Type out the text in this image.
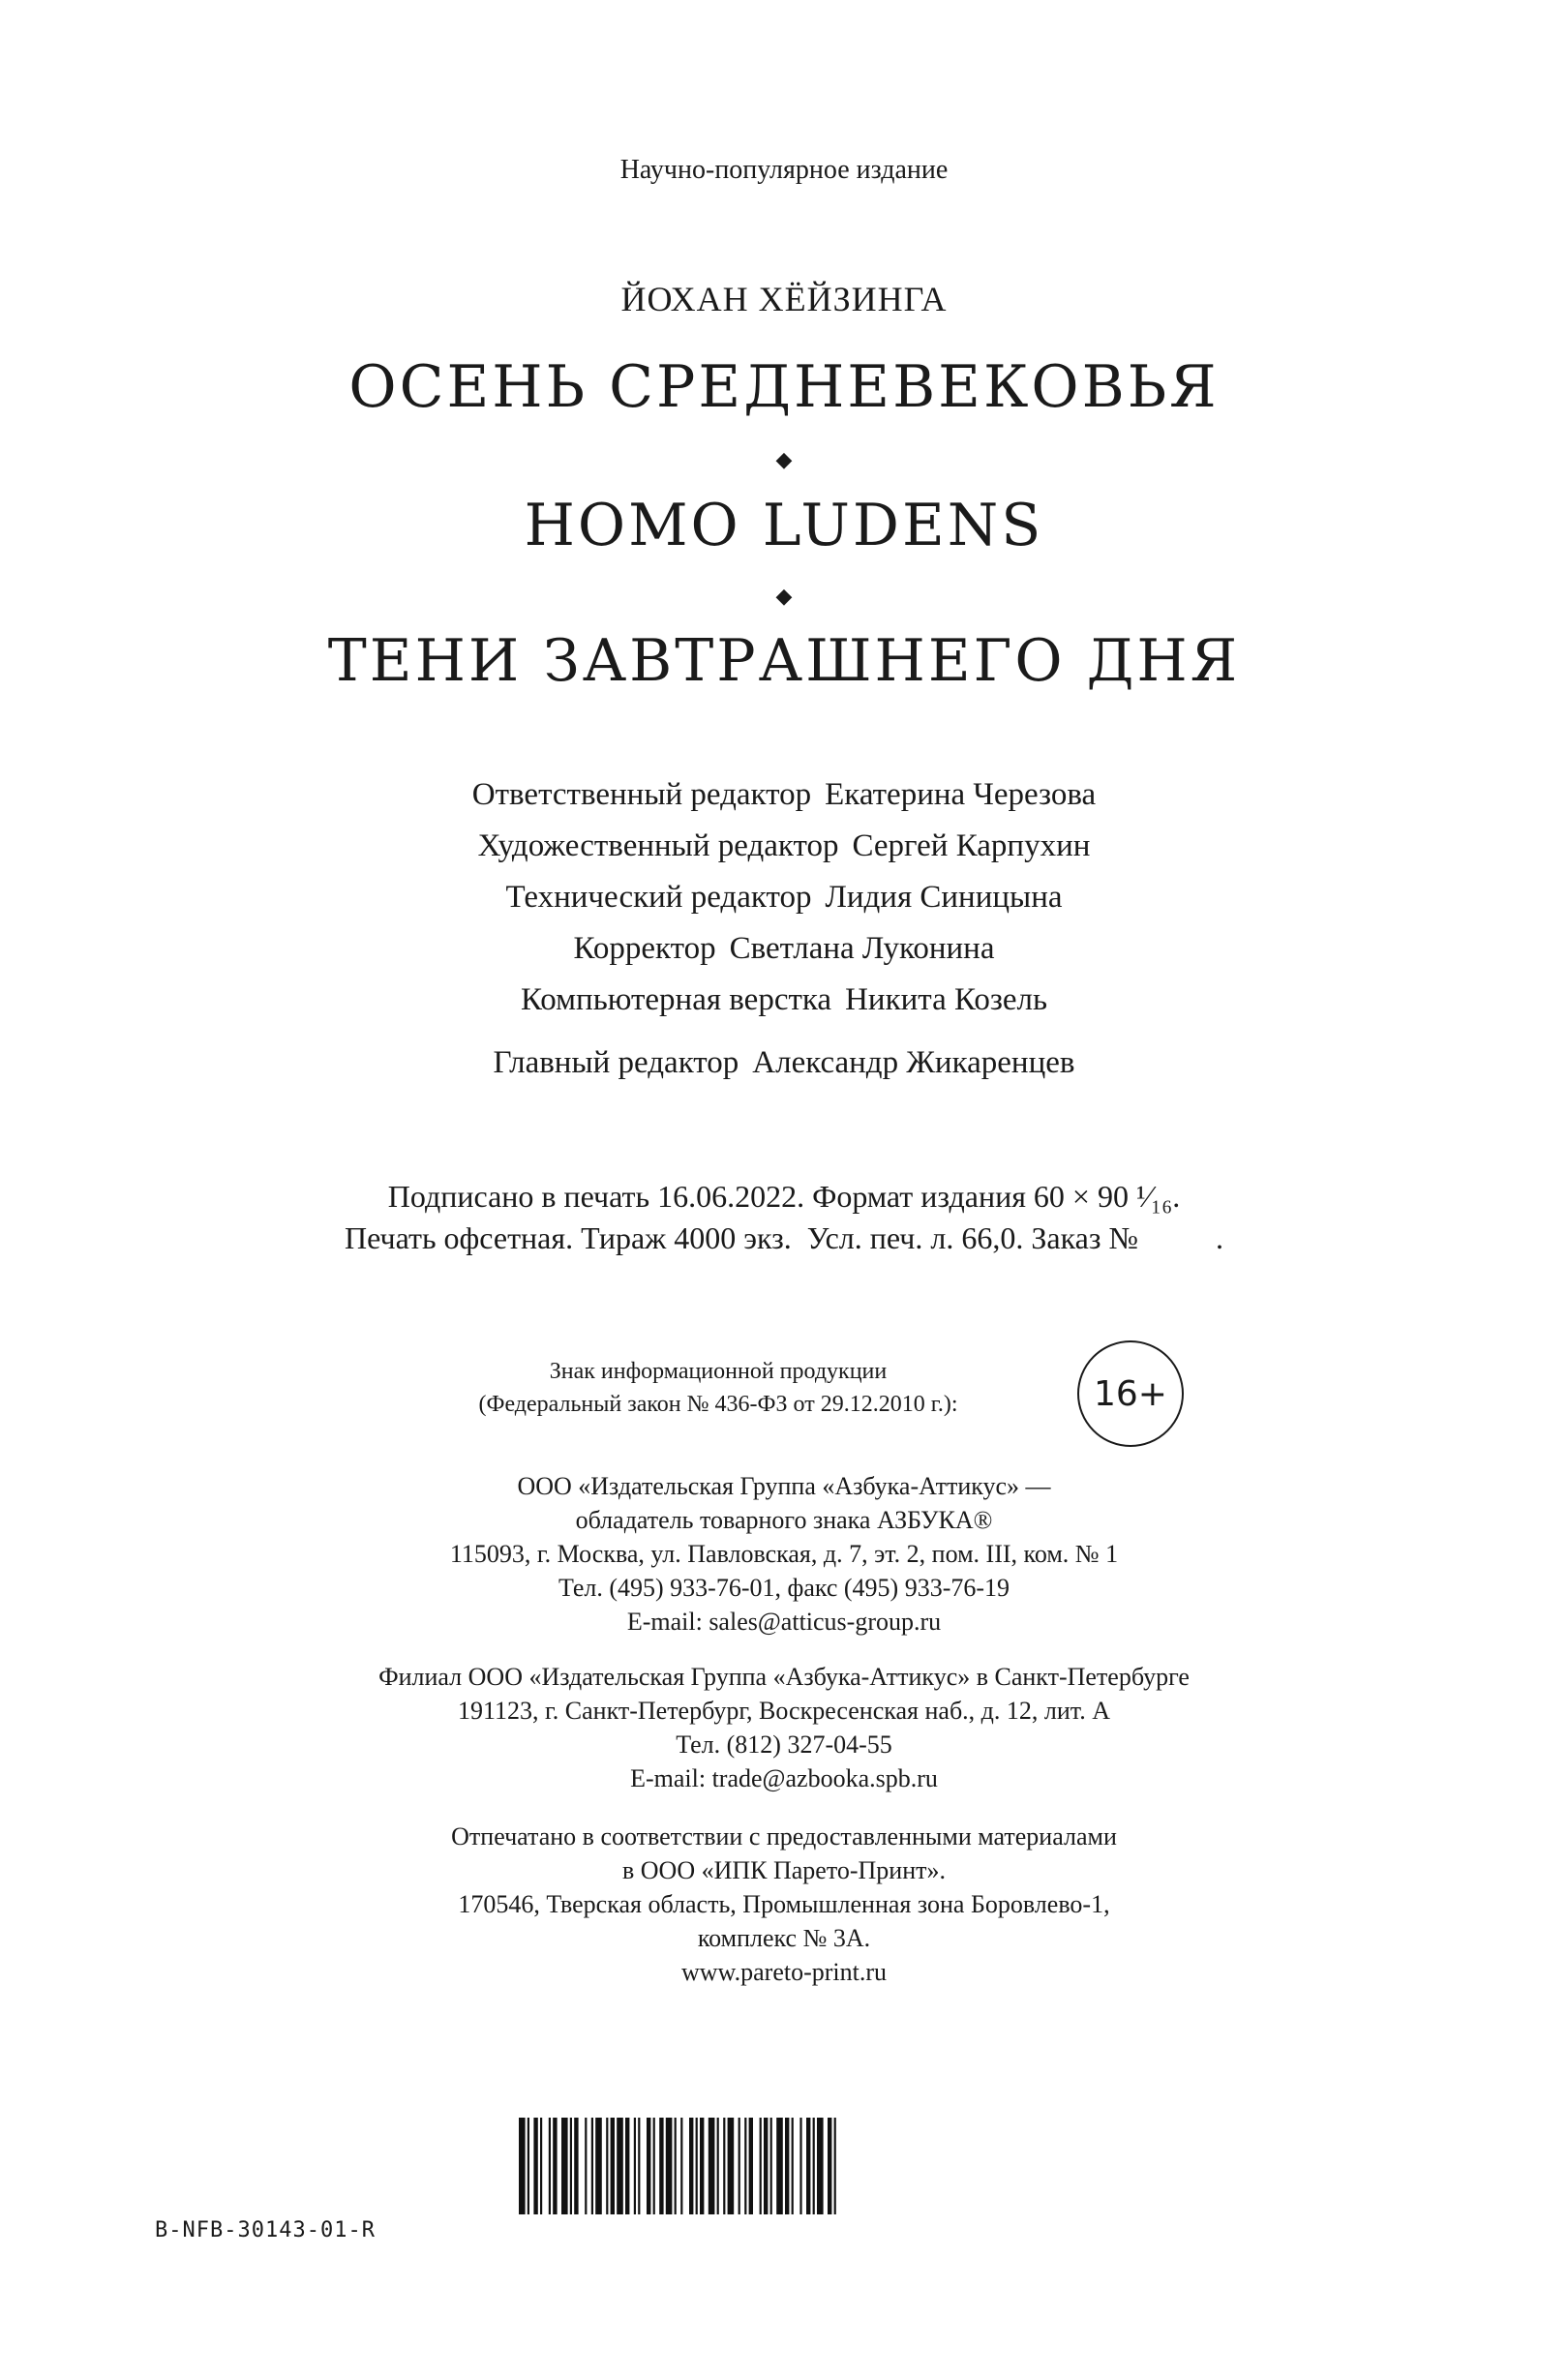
Научно-популярное издание
ЙОХАН ХЁЙЗИНГА
ОСЕНЬ СРЕДНЕВЕКОВЬЯ
◆
HOMO LUDENS
◆
ТЕНИ ЗАВТРАШНЕГО ДНЯ
Ответственный редактор Екатерина Черезова
Художественный редактор Сергей Карпухин
Технический редактор Лидия Синицына
Корректор Светлана Луконина
Компьютерная верстка Никита Козель
Главный редактор Александр Жикаренцев
Подписано в печать 16.06.2022. Формат издания 60 × 90 ¹⁄₁₆.
Печать офсетная. Тираж 4000 экз.  Усл. печ. л. 66,0. Заказ №          .
Знак информационной продукции
(Федеральный закон № 436-ФЗ от 29.12.2010 г.):	16+
ООО «Издательская Группа «Азбука-Аттикус» —
обладатель товарного знака АЗБУКА®
115093, г. Москва, ул. Павловская, д. 7, эт. 2, пом. III, ком. № 1
Тел. (495) 933-76-01, факс (495) 933-76-19
E-mail: sales@atticus-group.ru
Филиал ООО «Издательская Группа «Азбука-Аттикус» в Санкт-Петербурге
191123, г. Санкт-Петербург, Воскресенская наб., д. 12, лит. А
Тел. (812) 327-04-55
E-mail: trade@azbooka.spb.ru
Отпечатано в соответствии с предоставленными материалами
в ООО «ИПК Парето-Принт».
170546, Тверская область, Промышленная зона Боровлево-1,
комплекс № 3А.
www.pareto-print.ru
B-NFB-30143-01-R
